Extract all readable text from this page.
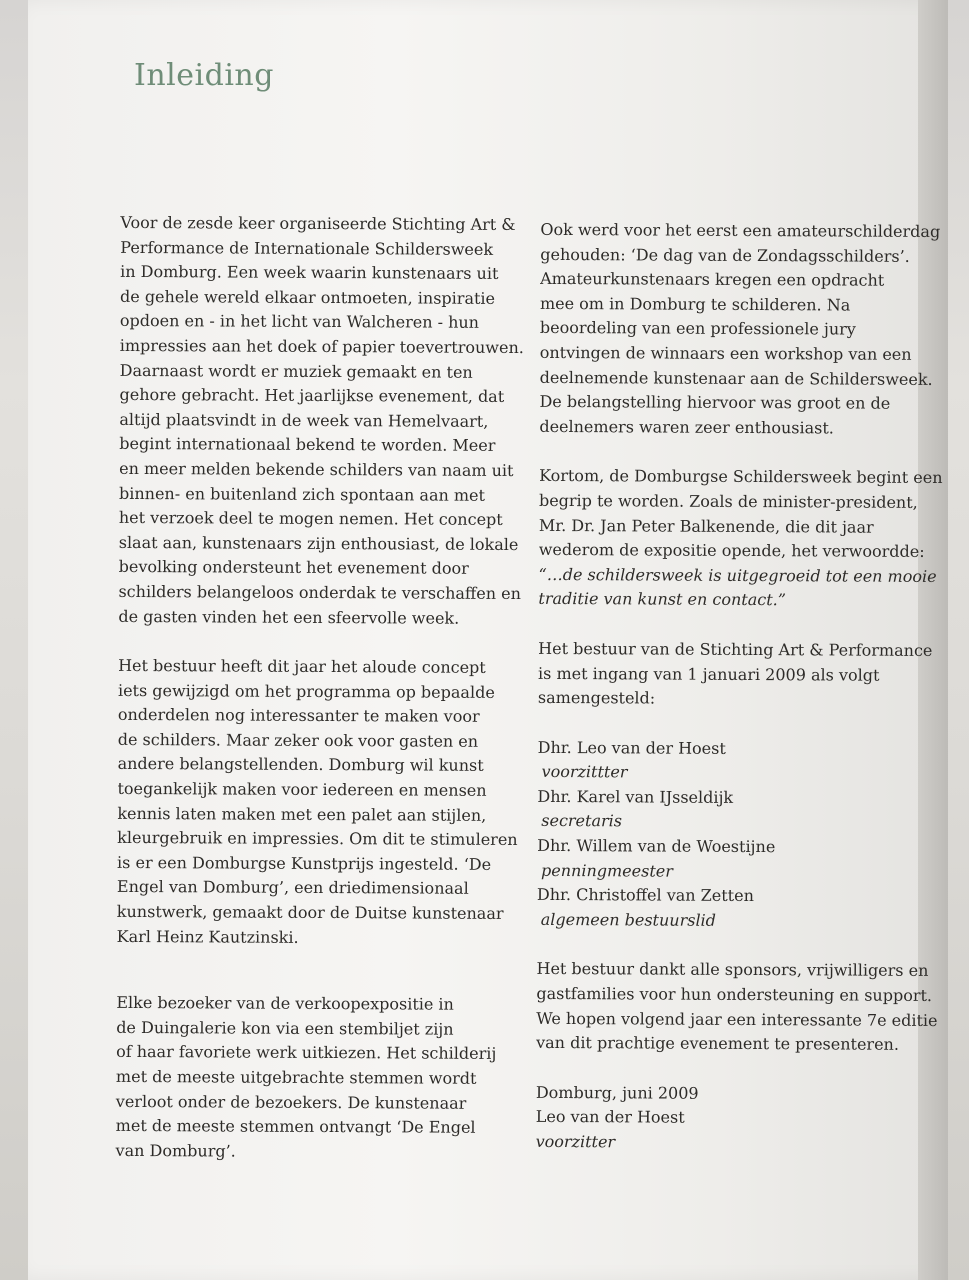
Inleiding

Voor de zesde keer organiseerde Stichting Art &
Performance de Internationale Schildersweek
in Domburg. Een week waarin kunstenaars uit
de gehele wereld elkaar ontmoeten, inspiratie
opdoen en - in het licht van Walcheren - hun
impressies aan het doek of papier toevertrouwen.
Daarnaast wordt er muziek gemaakt en ten
gehore gebracht. Het jaarlijkse evenement, dat
altijd plaatsvindt in de week van Hemelvaart,
begint internationaal bekend te worden. Meer
en meer melden bekende schilders van naam uit
binnen- en buitenland zich spontaan aan met
het verzoek deel te mogen nemen. Het concept
slaat aan, kunstenaars zijn enthousiast, de lokale
bevolking ondersteunt het evenement door
schilders belangeloos onderdak te verschaffen en
de gasten vinden het een sfeervolle week.

Het bestuur heeft dit jaar het aloude concept
iets gewijzigd om het programma op bepaalde
onderdelen nog interessanter te maken voor
de schilders. Maar zeker ook voor gasten en
andere belangstellenden. Domburg wil kunst
toegankelijk maken voor iedereen en mensen
kennis laten maken met een palet aan stijlen,
kleurgebruik en impressies. Om dit te stimuleren
is er een Domburgse Kunstprijs ingesteld. ‘De
Engel van Domburg’, een driedimensionaal
kunstwerk, gemaakt door de Duitse kunstenaar
Karl Heinz Kautzinski.

Elke bezoeker van de verkoopexpositie in
de Duingalerie kon via een stembiljet zijn
of haar favoriete werk uitkiezen. Het schilderij
met de meeste uitgebrachte stemmen wordt
verloot onder de bezoekers. De kunstenaar
met de meeste stemmen ontvangt ‘De Engel
van Domburg’.

Ook werd voor het eerst een amateurschilderdag
gehouden: ‘De dag van de Zondagsschilders’.
Amateurkunstenaars kregen een opdracht
mee om in Domburg te schilderen. Na
beoordeling van een professionele jury
ontvingen de winnaars een workshop van een
deelnemende kunstenaar aan de Schildersweek.
De belangstelling hiervoor was groot en de
deelnemers waren zeer enthousiast.

Kortom, de Domburgse Schildersweek begint een
begrip te worden. Zoals de minister-president,
Mr. Dr. Jan Peter Balkenende, die dit jaar
wederom de expositie opende, het verwoordde:

“…de schildersweek is uitgegroeid tot een mooie
traditie van kunst en contact.”

Het bestuur van de Stichting Art & Performance
is met ingang van 1 januari 2009 als volgt
samengesteld:

Dhr. Leo van der Hoest
voorzittter
Dhr. Karel van IJsseldijk
secretaris
Dhr. Willem van de Woestijne
penningmeester
Dhr. Christoffel van Zetten
algemeen bestuurslid

Het bestuur dankt alle sponsors, vrijwilligers en
gastfamilies voor hun ondersteuning en support.
We hopen volgend jaar een interessante 7e editie
van dit prachtige evenement te presenteren.

Domburg, juni 2009
Leo van der Hoest
voorzitter
